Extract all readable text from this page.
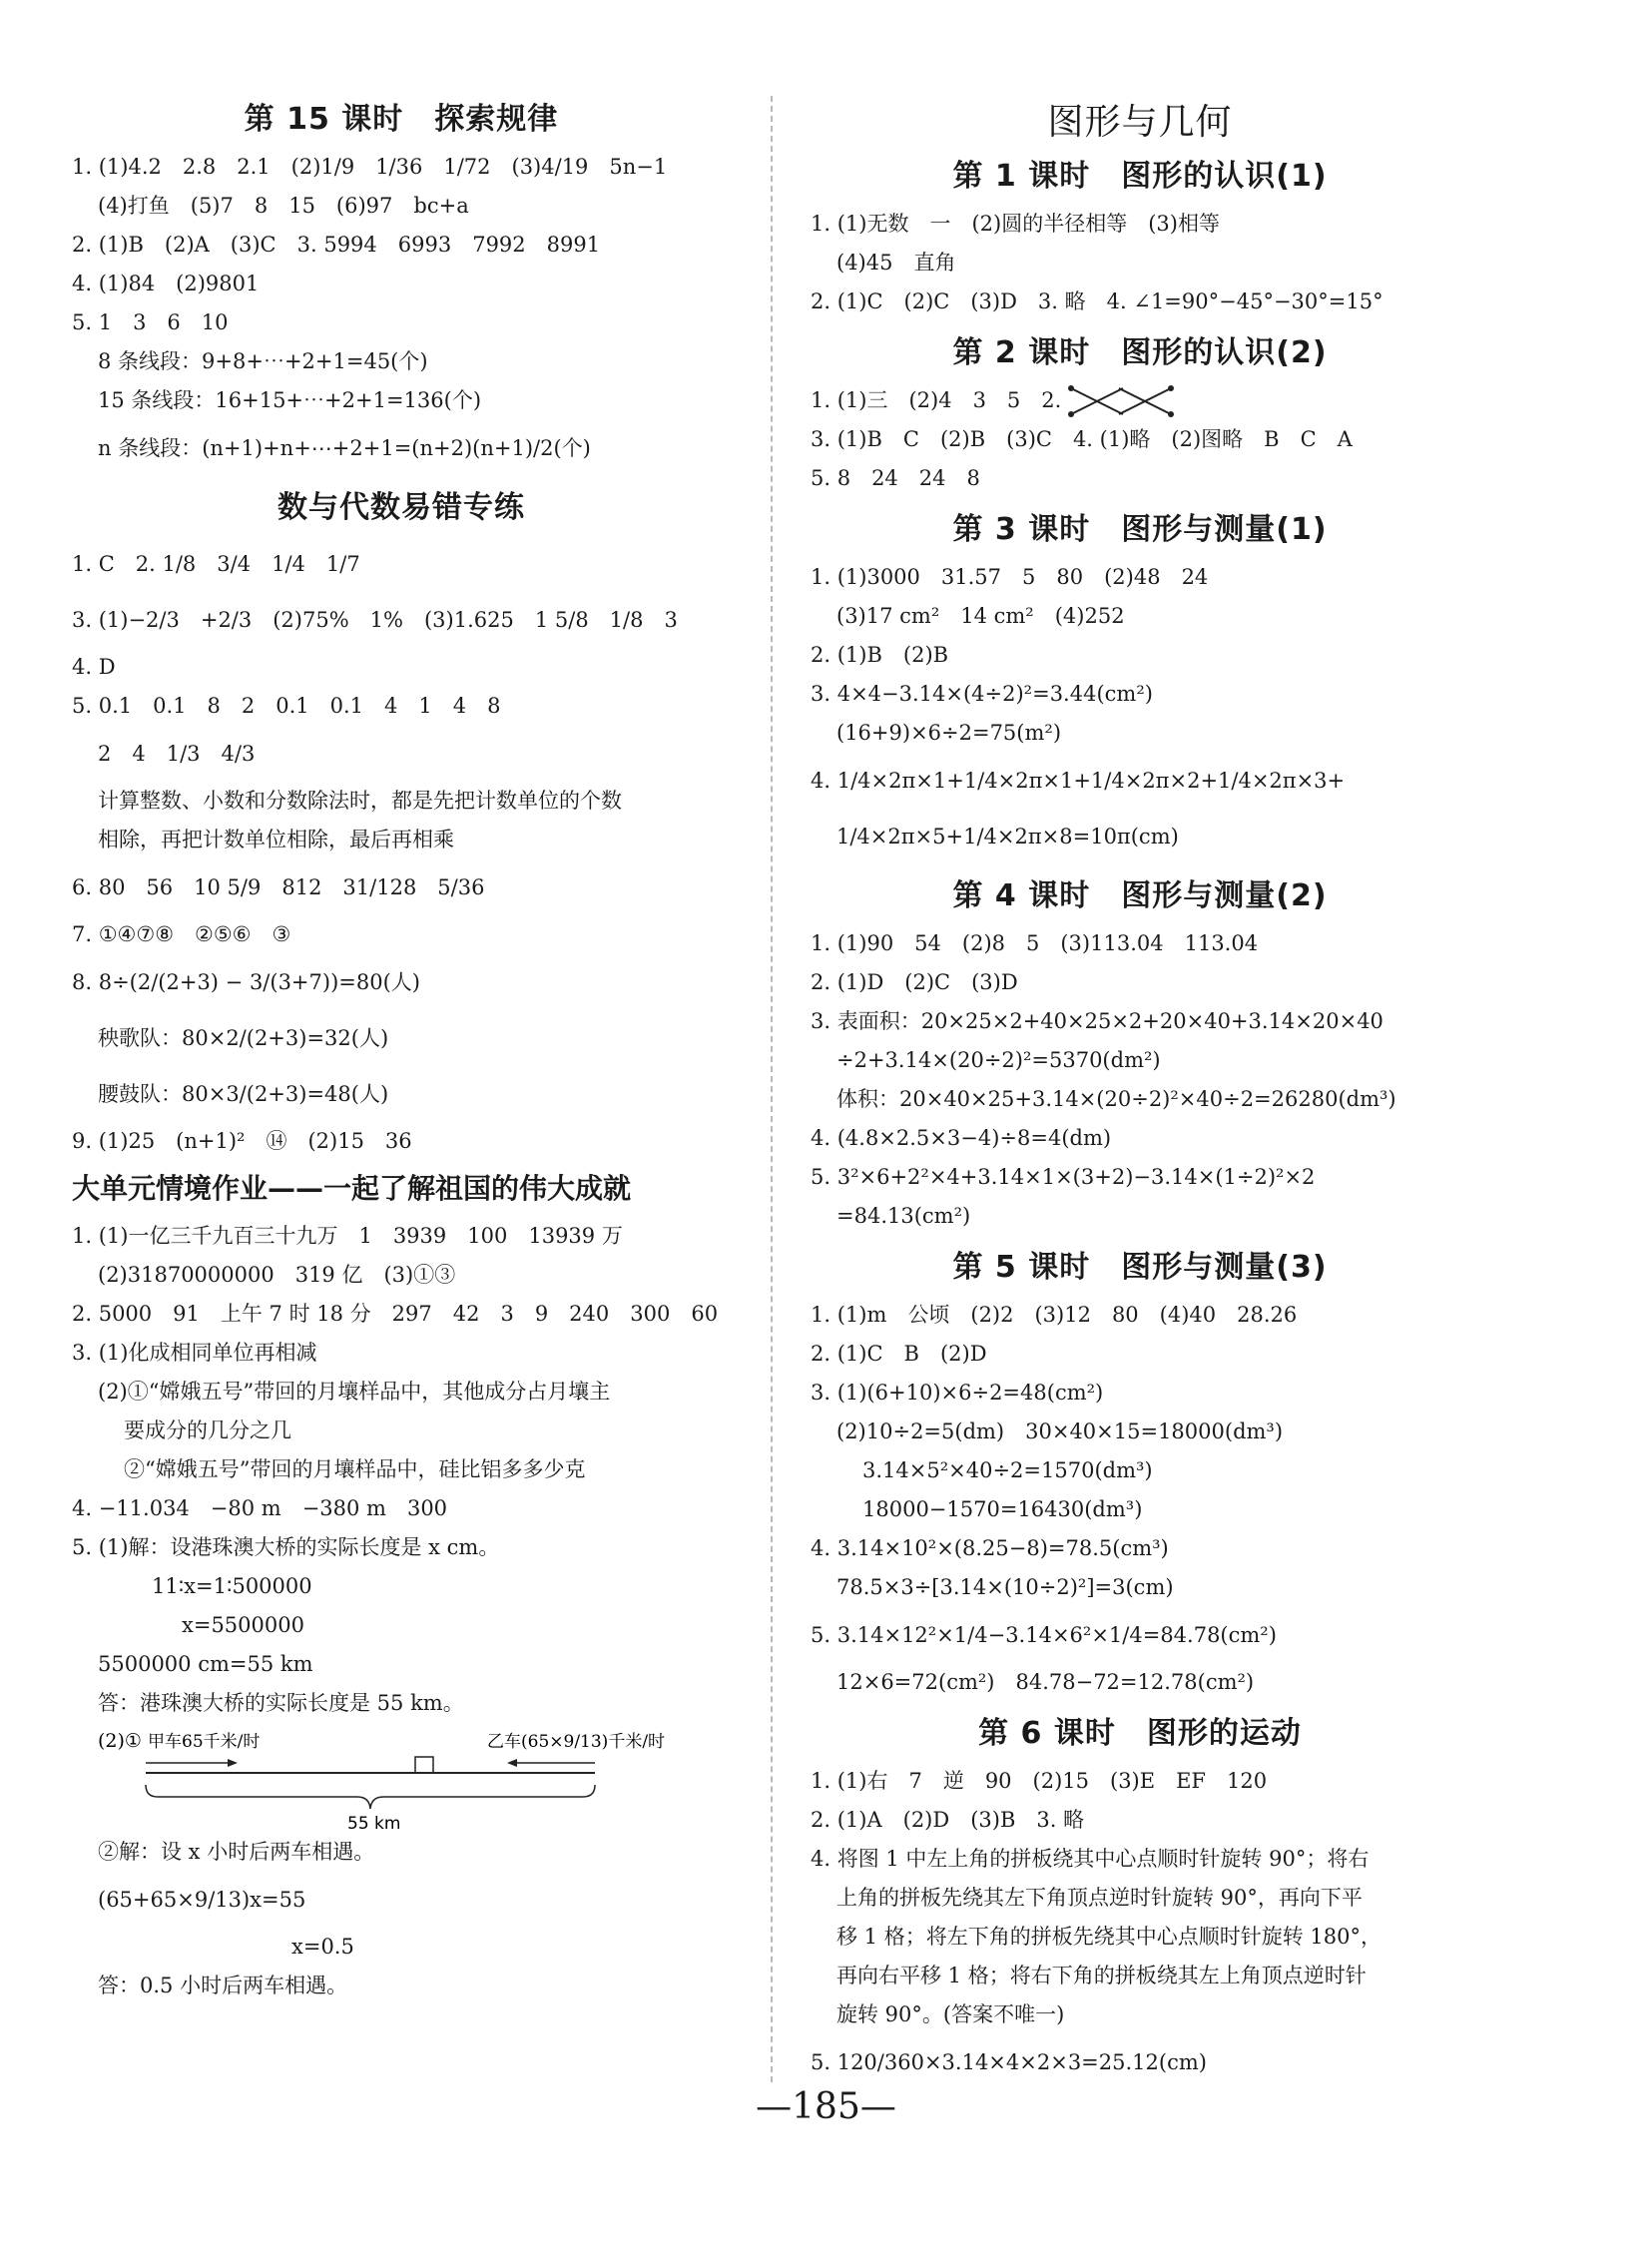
第 15 课时　探索规律
1. (1)4.2　2.8　2.1　(2)1/9　1/36　1/72　(3)4/19　5n−1
(4)打鱼　(5)7　8　15　(6)97　bc+a
2. (1)B　(2)A　(3)C　3. 5994　6993　7992　8991
4. (1)84　(2)9801
5. 1　3　6　10
8 条线段：9+8+⋯+2+1=45(个)
15 条线段：16+15+⋯+2+1=136(个)
n 条线段：(n+1)+n+⋯+2+1=(n+2)(n+1)/2(个)
数与代数易错专练
1. C　2. 1/8　3/4　1/4　1/7
3. (1)−2/3　+2/3　(2)75%　1%　(3)1.625　1 5/8　1/8　3
4. D
5. 0.1　0.1　8　2　0.1　0.1　4　1　4　8
2　4　1/3　4/3
计算整数、小数和分数除法时，都是先把计数单位的个数
相除，再把计数单位相除，最后再相乘
6. 80　56　10 5/9　812　31/128　5/36
7. ①④⑦⑧　②⑤⑥　③
8. 8÷(2/(2+3) − 3/(3+7))=80(人)
秧歌队：80×2/(2+3)=32(人)
腰鼓队：80×3/(2+3)=48(人)
9. (1)25　(n+1)²　⑭　(2)15　36
大单元情境作业——一起了解祖国的伟大成就
1. (1)一亿三千九百三十九万　1　3939　100　13939 万
(2)31870000000　319 亿　(3)①③
2. 5000　91　上午 7 时 18 分　297　42　3　9　240　300　60
3. (1)化成相同单位再相减
(2)①“嫦娥五号”带回的月壤样品中，其他成分占月壤主
要成分的几分之几
②“嫦娥五号”带回的月壤样品中，硅比铝多多少克
4. −11.034　−80 m　−380 m　300
5. (1)解：设港珠澳大桥的实际长度是 x cm。
11∶x=1∶500000
x=5500000
5500000 cm=55 km
答：港珠澳大桥的实际长度是 55 km。
(2)① 甲车65千米/时	乙车(65×9/13)千米/时
55 km
②解：设 x 小时后两车相遇。
(65+65×9/13)x=55
x=0.5
答：0.5 小时后两车相遇。
图形与几何
第 1 课时　图形的认识(1)
1. (1)无数　一　(2)圆的半径相等　(3)相等
(4)45　直角
2. (1)C　(2)C　(3)D　3. 略　4. ∠1=90°−45°−30°=15°
第 2 课时　图形的认识(2)
1. (1)三　(2)4　3　5　2.
3. (1)B　C　(2)B　(3)C　4. (1)略　(2)图略　B　C　A
5. 8　24　24　8
第 3 课时　图形与测量(1)
1. (1)3000　31.57　5　80　(2)48　24
(3)17 cm²　14 cm²　(4)252
2. (1)B　(2)B
3. 4×4−3.14×(4÷2)²=3.44(cm²)
(16+9)×6÷2=75(m²)
4. 1/4×2π×1+1/4×2π×1+1/4×2π×2+1/4×2π×3+
1/4×2π×5+1/4×2π×8=10π(cm)
第 4 课时　图形与测量(2)
1. (1)90　54　(2)8　5　(3)113.04　113.04
2. (1)D　(2)C　(3)D
3. 表面积：20×25×2+40×25×2+20×40+3.14×20×40
÷2+3.14×(20÷2)²=5370(dm²)
体积：20×40×25+3.14×(20÷2)²×40÷2=26280(dm³)
4. (4.8×2.5×3−4)÷8=4(dm)
5. 3²×6+2²×4+3.14×1×(3+2)−3.14×(1÷2)²×2
=84.13(cm²)
第 5 课时　图形与测量(3)
1. (1)m　公顷　(2)2　(3)12　80　(4)40　28.26
2. (1)C　B　(2)D
3. (1)(6+10)×6÷2=48(cm²)
(2)10÷2=5(dm)　30×40×15=18000(dm³)
3.14×5²×40÷2=1570(dm³)
18000−1570=16430(dm³)
4. 3.14×10²×(8.25−8)=78.5(cm³)
78.5×3÷[3.14×(10÷2)²]=3(cm)
5. 3.14×12²×1/4−3.14×6²×1/4=84.78(cm²)
12×6=72(cm²)　84.78−72=12.78(cm²)
第 6 课时　图形的运动
1. (1)右　7　逆　90　(2)15　(3)E　EF　120
2. (1)A　(2)D　(3)B　3. 略
4. 将图 1 中左上角的拼板绕其中心点顺时针旋转 90°；将右
上角的拼板先绕其左下角顶点逆时针旋转 90°，再向下平
移 1 格；将左下角的拼板先绕其中心点顺时针旋转 180°，
再向右平移 1 格；将右下角的拼板绕其左上角顶点逆时针
旋转 90°。(答案不唯一)
5. 120/360×3.14×4×2×3=25.12(cm)
—185—
